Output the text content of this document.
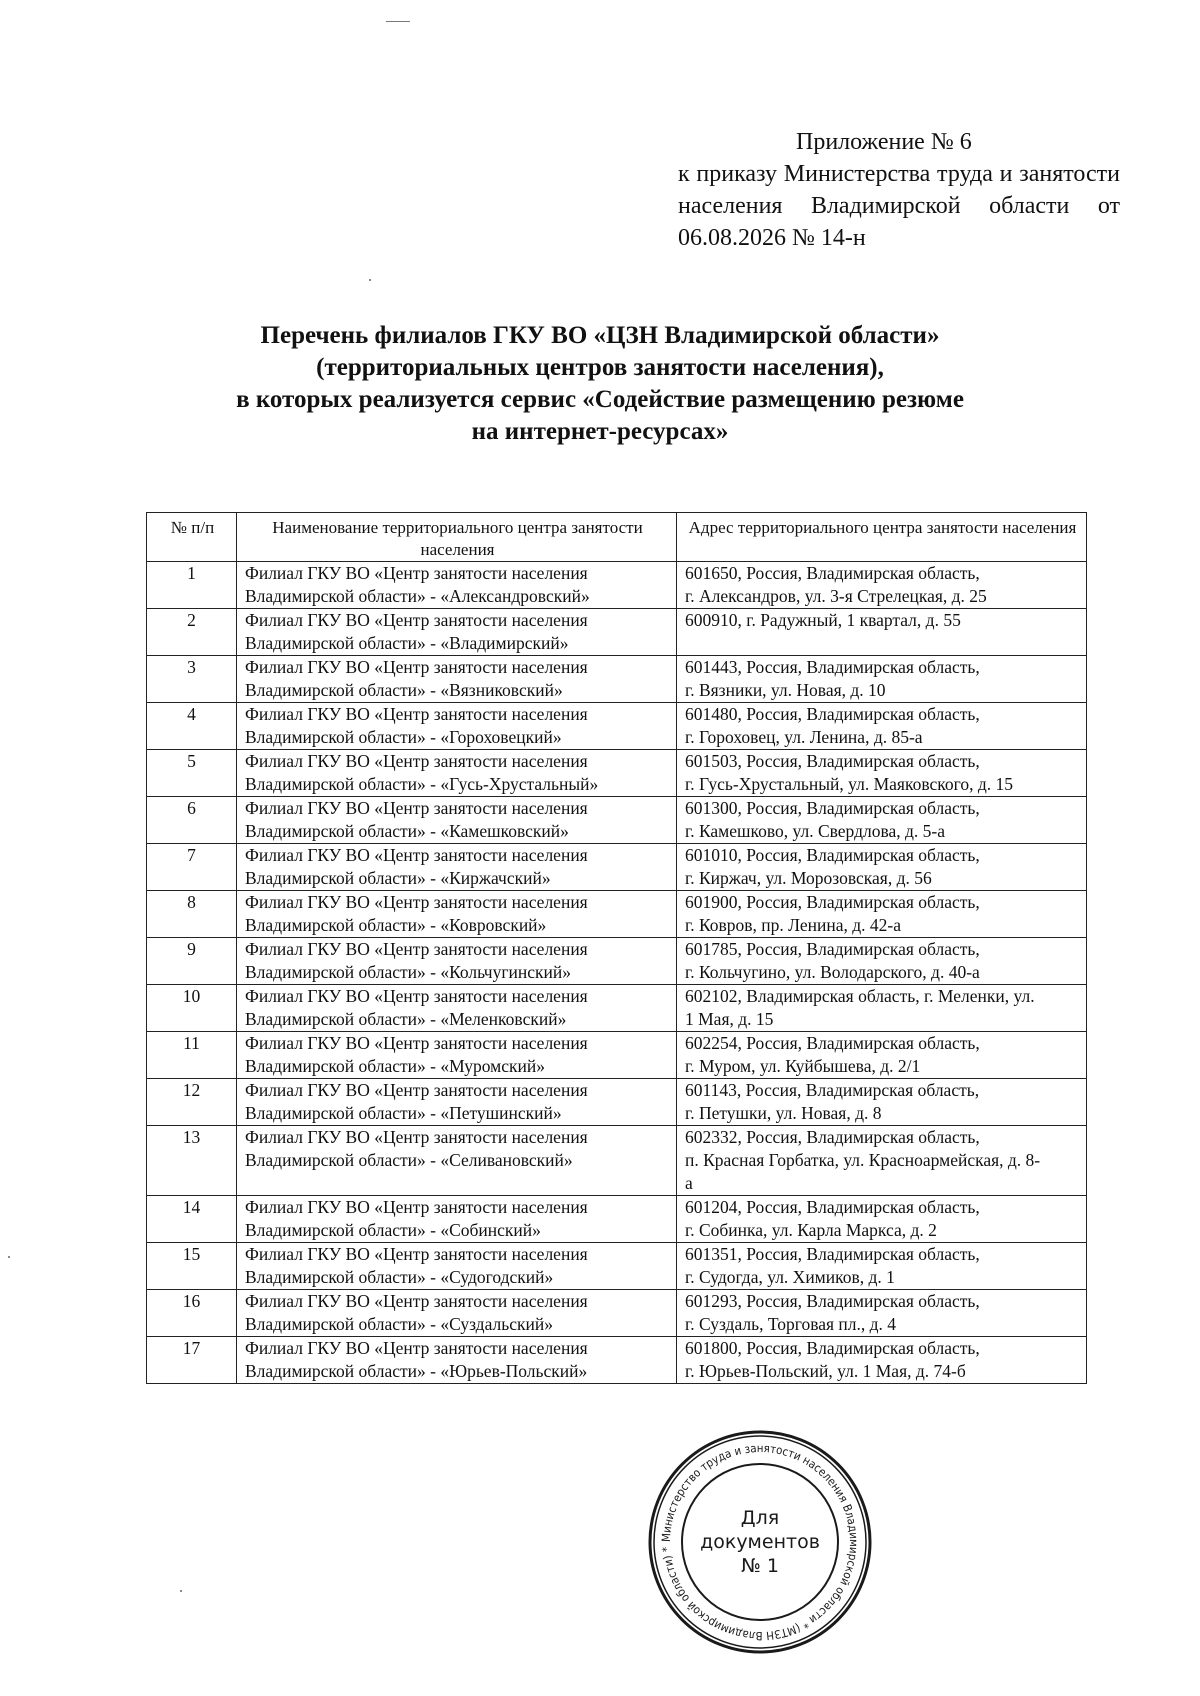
Приложение № 6
к приказу Министерства труда и занятости населения Владимирской области от 06.08.2026 № 14-н
Перечень филиалов ГКУ ВО «ЦЗН Владимирской области»
(территориальных центров занятости населения),
в которых реализуется сервис «Содействие размещению резюме
на интернет-ресурсах»
№ п/п	Наименование территориального центра занятости населения	Адрес территориального центра занятости населения
1	Филиал ГКУ ВО «Центр занятости населения
Владимирской области» - «Александровский»	601650, Россия, Владимирская область,
г. Александров, ул. 3-я Стрелецкая, д. 25

2	Филиал ГКУ ВО «Центр занятости населения
Владимирской области» - «Владимирский»	600910, г. Радужный, 1 квартал, д. 55

3	Филиал ГКУ ВО «Центр занятости населения
Владимирской области» - «Вязниковский»	601443, Россия, Владимирская область,
г. Вязники, ул. Новая, д. 10

4	Филиал ГКУ ВО «Центр занятости населения
Владимирской области» - «Гороховецкий»	601480, Россия, Владимирская область,
г. Гороховец, ул. Ленина, д. 85-а

5	Филиал ГКУ ВО «Центр занятости населения
Владимирской области» - «Гусь-Хрустальный»	601503, Россия, Владимирская область,
г. Гусь-Хрустальный, ул. Маяковского, д. 15

6	Филиал ГКУ ВО «Центр занятости населения
Владимирской области» - «Камешковский»	601300, Россия, Владимирская область,
г. Камешково, ул. Свердлова, д. 5-а

7	Филиал ГКУ ВО «Центр занятости населения
Владимирской области» - «Киржачский»	601010, Россия, Владимирская область,
г. Киржач, ул. Морозовская, д. 56

8	Филиал ГКУ ВО «Центр занятости населения
Владимирской области» - «Ковровский»	601900, Россия, Владимирская область,
г. Ковров, пр. Ленина, д. 42-а

9	Филиал ГКУ ВО «Центр занятости населения
Владимирской области» - «Кольчугинский»	601785, Россия, Владимирская область,
г. Кольчугино, ул. Володарского, д. 40-а

10	Филиал ГКУ ВО «Центр занятости населения
Владимирской области» - «Меленковский»	602102, Владимирская область, г. Меленки, ул.
1 Мая, д. 15

11	Филиал ГКУ ВО «Центр занятости населения
Владимирской области» - «Муромский»	602254, Россия, Владимирская область,
г. Муром, ул. Куйбышева, д. 2/1

12	Филиал ГКУ ВО «Центр занятости населения
Владимирской области» - «Петушинский»	601143, Россия, Владимирская область,
г. Петушки, ул. Новая, д. 8

13	Филиал ГКУ ВО «Центр занятости населения
Владимирской области» - «Селивановский»	602332, Россия, Владимирская область,
п. Красная Горбатка, ул. Красноармейская, д. 8-
а

14	Филиал ГКУ ВО «Центр занятости населения
Владимирской области» - «Собинский»	601204, Россия, Владимирская область,
г. Собинка, ул. Карла Маркса, д. 2

15	Филиал ГКУ ВО «Центр занятости населения
Владимирской области» - «Судогодский»	601351, Россия, Владимирская область,
г. Судогда, ул. Химиков, д. 1

16	Филиал ГКУ ВО «Центр занятости населения
Владимирской области» - «Суздальский»	601293, Россия, Владимирская область,
г. Суздаль, Торговая пл., д. 4

17	Филиал ГКУ ВО «Центр занятости населения
Владимирской области» - «Юрьев-Польский»	601800, Россия, Владимирская область,
г. Юрьев-Польский, ул. 1 Мая, д. 74-б
Министерство труда и занятости населения Владимирской области * (МТЗН Владимирской области) *
Для
документов
№ 1
